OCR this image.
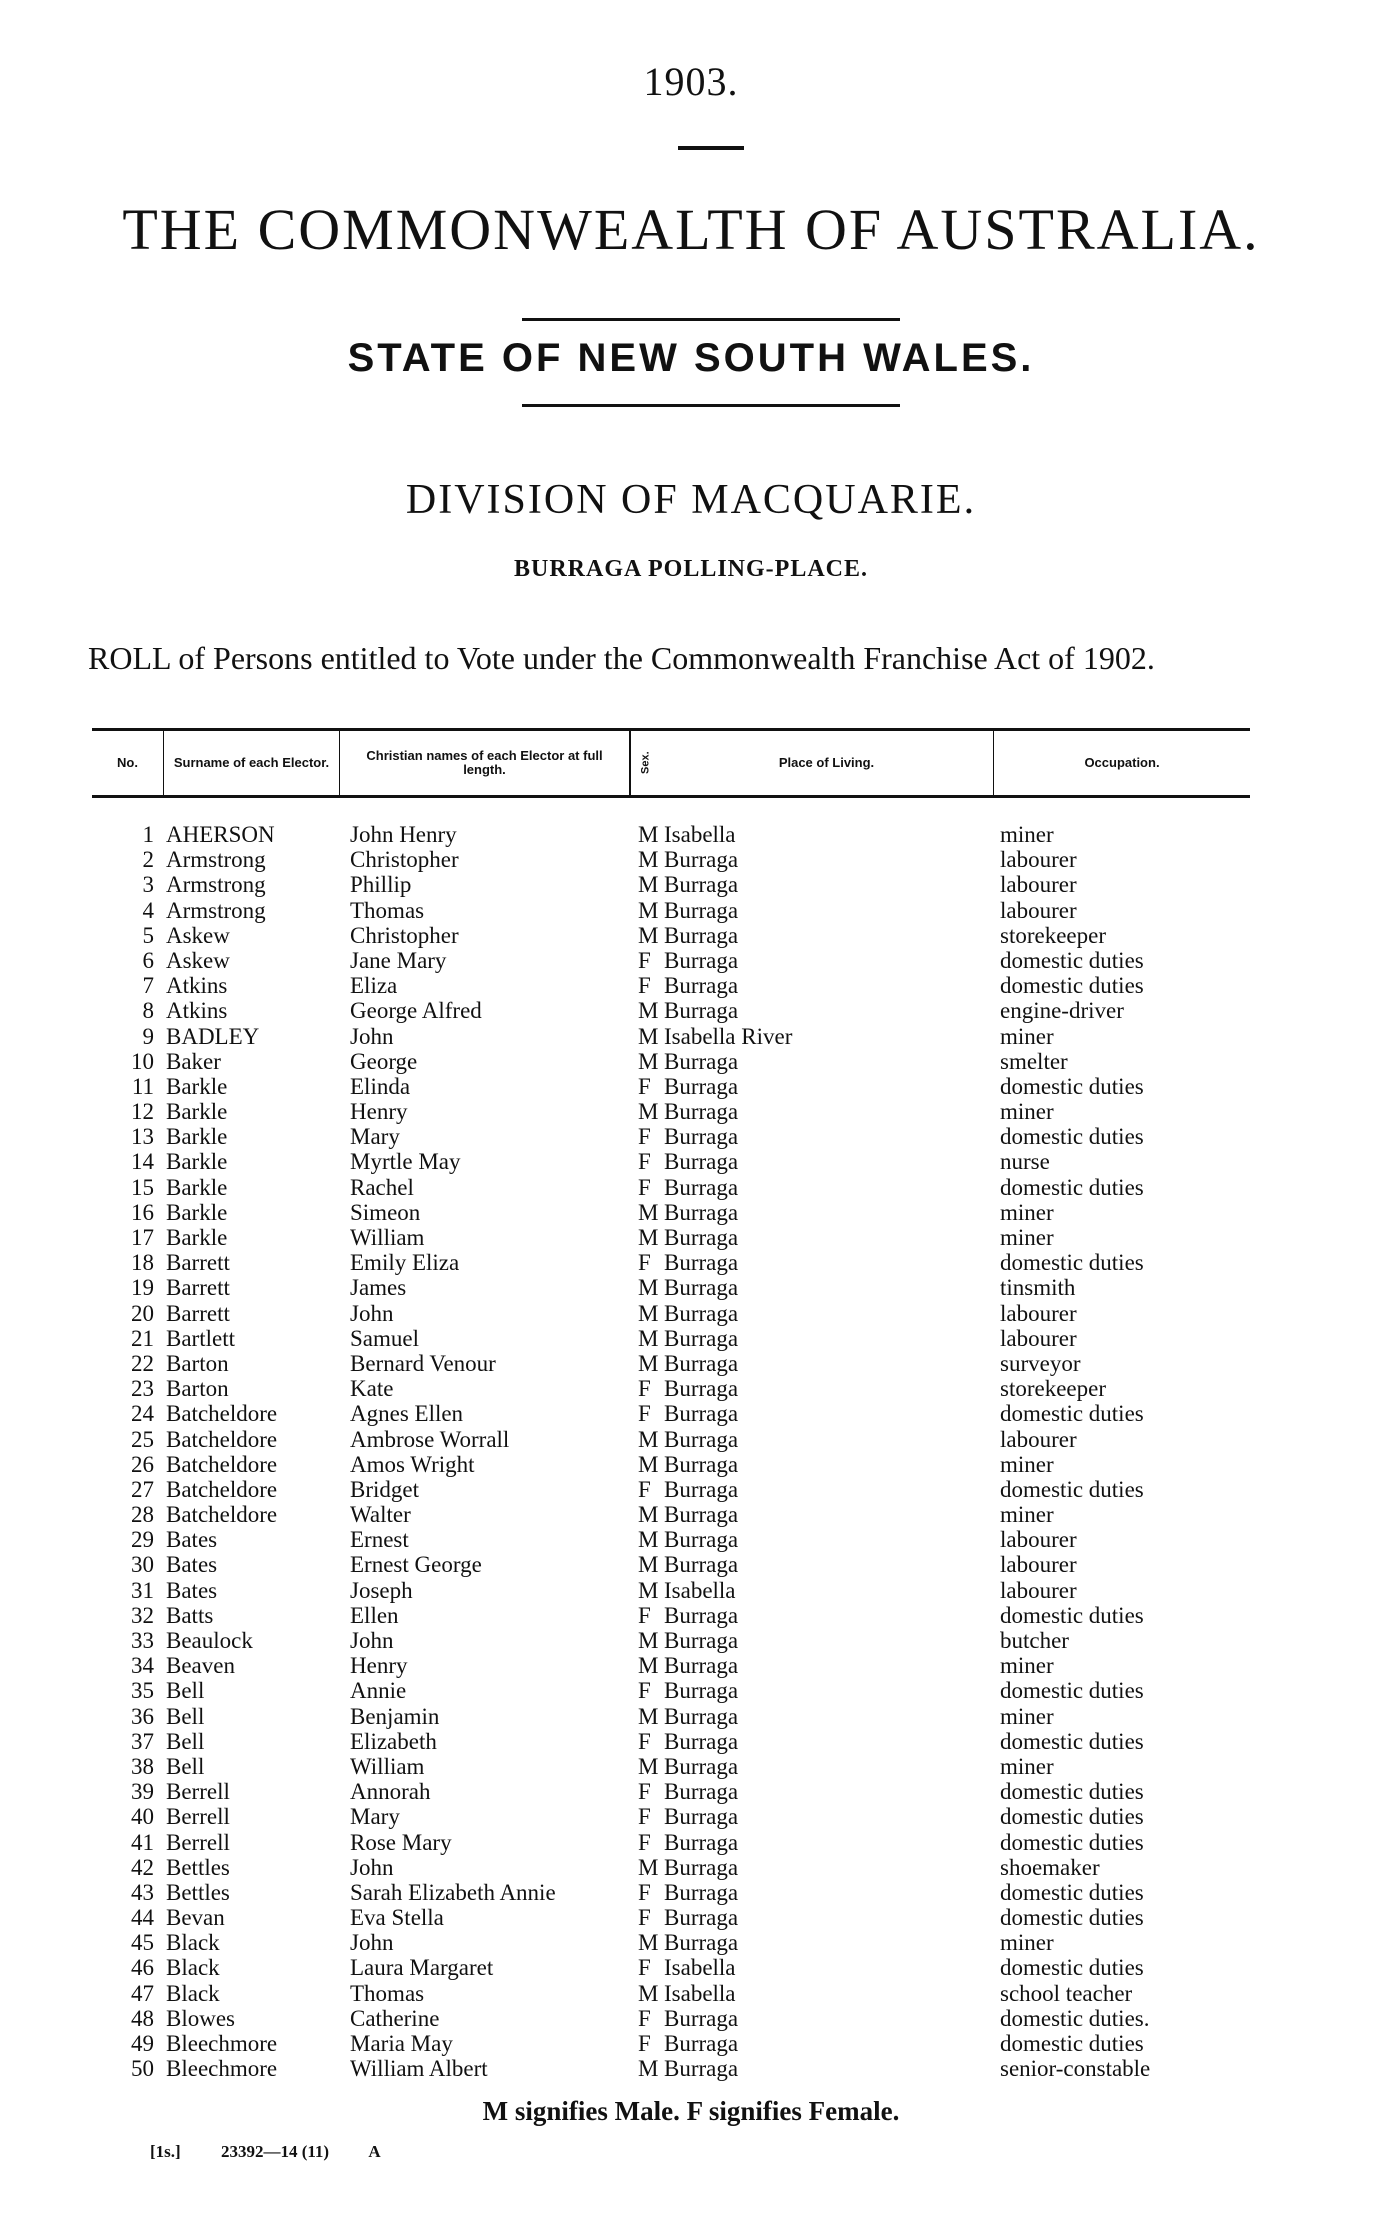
1903.
THE COMMONWEALTH OF AUSTRALIA.
STATE OF NEW SOUTH WALES.
DIVISION OF MACQUARIE.
BURRAGA POLLING-PLACE.
ROLL of Persons entitled to Vote under the Commonwealth Franchise Act of 1902.
No.	Surname of each Elector.	Christian names of each Elector at full length.	Sex.	Place of Living.	Occupation.
1 AHERSON	John Henry	M Isabella	miner
2 Armstrong	Christopher	M Burraga	labourer
3 Armstrong	Phillip	M Burraga	labourer
4 Armstrong	Thomas	M Burraga	labourer
5 Askew	Christopher	M Burraga	storekeeper
6 Askew	Jane Mary	F Burraga	domestic duties
7 Atkins	Eliza	F Burraga	domestic duties
8 Atkins	George Alfred	M Burraga	engine-driver
9 BADLEY	John	M Isabella River	miner
10 Baker	George	M Burraga	smelter
11 Barkle	Elinda	F Burraga	domestic duties
12 Barkle	Henry	M Burraga	miner
13 Barkle	Mary	F Burraga	domestic duties
14 Barkle	Myrtle May	F Burraga	nurse
15 Barkle	Rachel	F Burraga	domestic duties
16 Barkle	Simeon	M Burraga	miner
17 Barkle	William	M Burraga	miner
18 Barrett	Emily Eliza	F Burraga	domestic duties
19 Barrett	James	M Burraga	tinsmith
20 Barrett	John	M Burraga	labourer
21 Bartlett	Samuel	M Burraga	labourer
22 Barton	Bernard Venour	M Burraga	surveyor
23 Barton	Kate	F Burraga	storekeeper
24 Batcheldore	Agnes Ellen	F Burraga	domestic duties
25 Batcheldore	Ambrose Worrall	M Burraga	labourer
26 Batcheldore	Amos Wright	M Burraga	miner
27 Batcheldore	Bridget	F Burraga	domestic duties
28 Batcheldore	Walter	M Burraga	miner
29 Bates	Ernest	M Burraga	labourer
30 Bates	Ernest George	M Burraga	labourer
31 Bates	Joseph	M Isabella	labourer
32 Batts	Ellen	F Burraga	domestic duties
33 Beaulock	John	M Burraga	butcher
34 Beaven	Henry	M Burraga	miner
35 Bell	Annie	F Burraga	domestic duties
36 Bell	Benjamin	M Burraga	miner
37 Bell	Elizabeth	F Burraga	domestic duties
38 Bell	William	M Burraga	miner
39 Berrell	Annorah	F Burraga	domestic duties
40 Berrell	Mary	F Burraga	domestic duties
41 Berrell	Rose Mary	F Burraga	domestic duties
42 Bettles	John	M Burraga	shoemaker
43 Bettles	Sarah Elizabeth Annie	F Burraga	domestic duties
44 Bevan	Eva Stella	F Burraga	domestic duties
45 Black	John	M Burraga	miner
46 Black	Laura Margaret	F Isabella	domestic duties
47 Black	Thomas	M Isabella	school teacher
48 Blowes	Catherine	F Burraga	domestic duties.
49 Bleechmore	Maria May	F Burraga	domestic duties
50 Bleechmore	William Albert	M Burraga	senior-constable
M signifies Male. F signifies Female.
[1s.] 23392—14 (11) A
